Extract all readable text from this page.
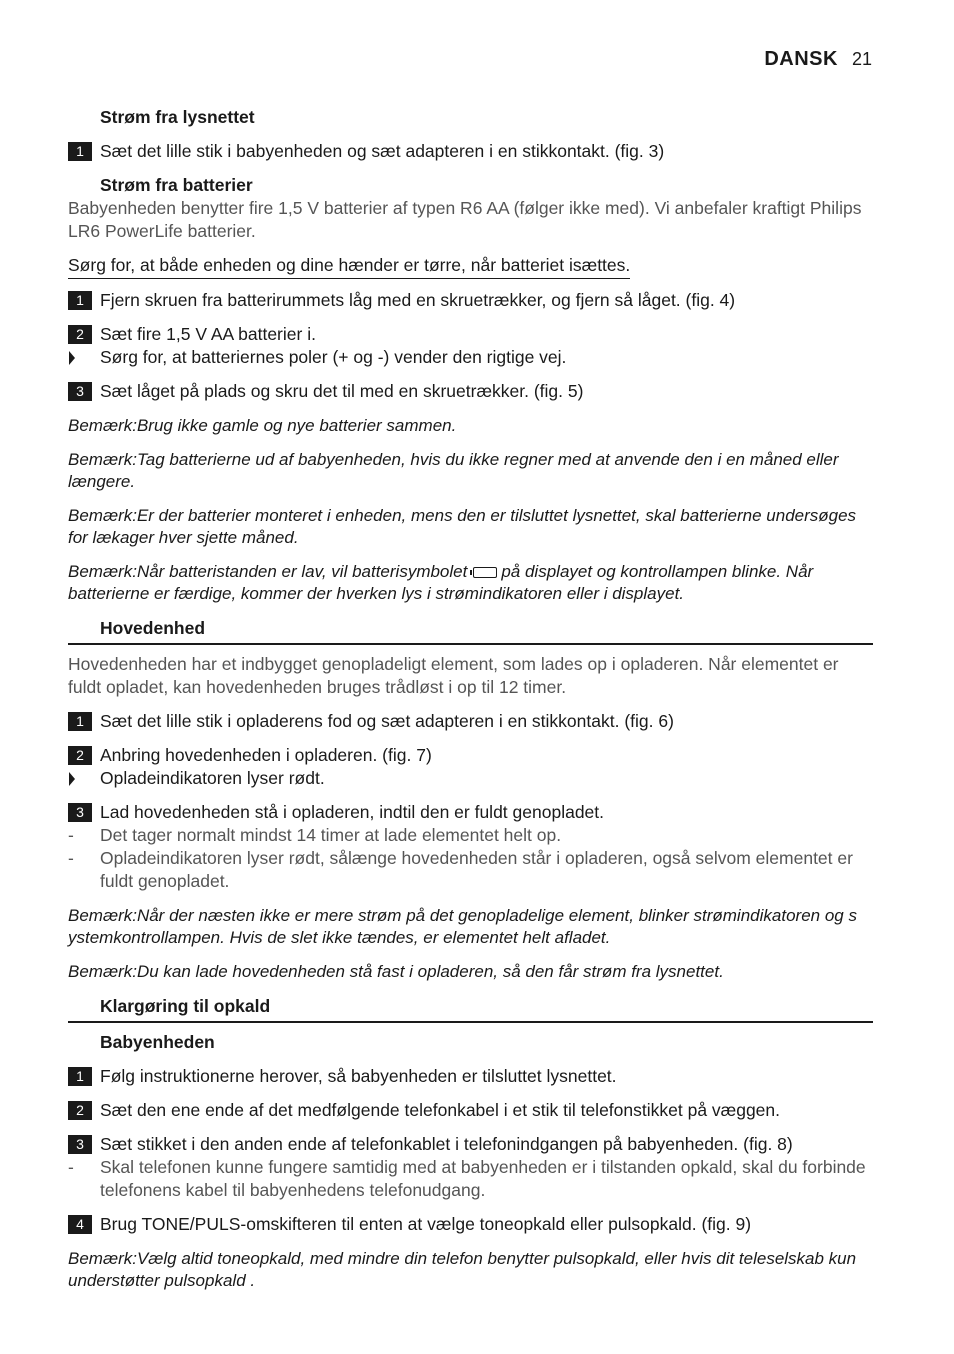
DANSK 21
Strøm fra lysnettet
1 Sæt det lille stik i babyenheden og sæt adapteren i en stikkontakt. (fig. 3)
Strøm fra batterier

Babyenheden benytter fire 1,5 V batterier af typen R6 AA (følger ikke med). Vi anbefaler kraftigt Philips LR6 PowerLife batterier.

Sørg for, at både enheden og dine hænder er tørre, når batteriet isættes.
1 Fjern skruen fra batterirummets låg med en skruetrækker, og fjern så låget. (fig. 4)
2 Sæt fire 1,5 V AA batterier i.
Sørg for, at batteriernes poler (+ og -) vender den rigtige vej.
3 Sæt låget på plads og skru det til med en skruetrækker. (fig. 5)
Bemærk:Brug ikke gamle og nye batterier sammen.
Bemærk:Tag batterierne ud af babyenheden, hvis du ikke regner med at anvende den i en måned eller længere.
Bemærk:Er der batterier monteret i enheden, mens den er tilsluttet lysnettet, skal batterierne undersøges for lækager hver sjette måned.
Bemærk:Når batteristanden er lav, vil batterisymbolet på displayet og kontrollampen blinke. Når batterierne er færdige, kommer der hverken lys i strømindikatoren eller i displayet.
Hovedenhed

Hovedenheden har et indbygget genopladeligt element, som lades op i opladeren. Når elementet er fuldt opladet, kan hovedenheden bruges trådløst i op til 12 timer.

1 Sæt det lille stik i opladerens fod og sæt adapteren i en stikkontakt. (fig. 6)
2 Anbring hovedenheden i opladeren. (fig. 7)
Opladeindikatoren lyser rødt.
3 Lad hovedenheden stå i opladeren, indtil den er fuldt genopladet.
- Det tager normalt mindst 14 timer at lade elementet helt op.
- Opladeindikatoren lyser rødt, sålænge hovedenheden står i opladeren, også selvom elementet er fuldt genopladet.
Bemærk:Når der næsten ikke er mere strøm på det genopladelige element, blinker strømindikatoren og s ystemkontrollampen. Hvis de slet ikke tændes, er elementet helt afladet.
Bemærk:Du kan lade hovedenheden stå fast i opladeren, så den får strøm fra lysnettet.
Klargøring til opkald
Babyenheden
1 Følg instruktionerne herover, så babyenheden er tilsluttet lysnettet.
2 Sæt den ene ende af det medfølgende telefonkabel i et stik til telefonstikket på væggen.
3 Sæt stikket i den anden ende af telefonkablet i telefonindgangen på babyenheden. (fig. 8)
- Skal telefonen kunne fungere samtidig med at babyenheden er i tilstanden opkald, skal du forbinde telefonens kabel til babyenhedens telefonudgang.
4 Brug TONE/PULS-omskifteren til enten at vælge toneopkald eller pulsopkald. (fig. 9)
Bemærk:Vælg altid toneopkald, med mindre din telefon benytter pulsopkald, eller hvis dit teleselskab kun understøtter pulsopkald .
